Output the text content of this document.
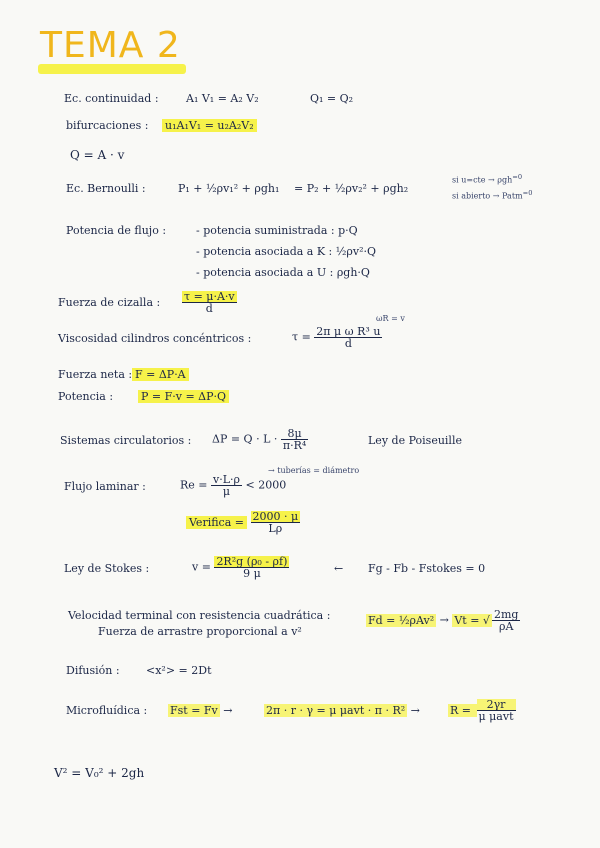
TEMA 2
Ec. continuidad : A₁ V₁ = A₂ V₂	Q₁ = Q₂
bifurcaciones : u₁A₁V₁ = u₂A₂V₂
Q = A · v
Ec. Bernoulli :	P₁ + ½ρv₁² + ρgh₁ = P₂ + ½ρv₂² + ρgh₂
si u=cte → ρgh$^{=0}$
si abierto → Patm$^{=0}$
Potencia de flujo :	- potencia suministrada : p·Q
- potencia asociada a K : ½ρv²·Q
- potencia asociada a U : ρgh·Q
Fuerza de cizalla : $\frac{\tau = \mu\cdot A\cdot v}{d}$
ωR = v
Viscosidad cilindros concéntricos :	$\tau = \frac{\text{2π μ ω R³ u}}{d}$
Fuerza neta : F = ΔP·A
Potencia :	P = F·v = ΔP·Q
Sistemas circulatorios : $\Delta P = Q \cdot L \cdot \frac{8\mu}{\text{π·R⁴}}$	Ley de Poiseuille
→ tuberías = diámetro
Flujo laminar :	$Re = \frac{v\cdot L\cdot\rho}{\mu} < 2000$
Verifica = $\frac{2000 \cdot \mu}{L\rho}$
Ley de Stokes :	$v = \frac{\text{2R²g (ρ₀ - ρf)}}{9 \mu}$	← Fg - Fb - Fstokes = 0
Velocidad terminal con resistencia cuadrática :
Fuerza de arrastre proporcional a v²
Fd = ½ρAv² → Vt = √ $\frac{2mg}{\rho A}$
Difusión : <x²> = 2Dt
Microfluídica : Fst = Fv →	2π · r · γ = μ μavt · π · R² →	$R = \frac{2\gamma r}{\text{μ μavt}}$
V² = V₀² + 2gh
